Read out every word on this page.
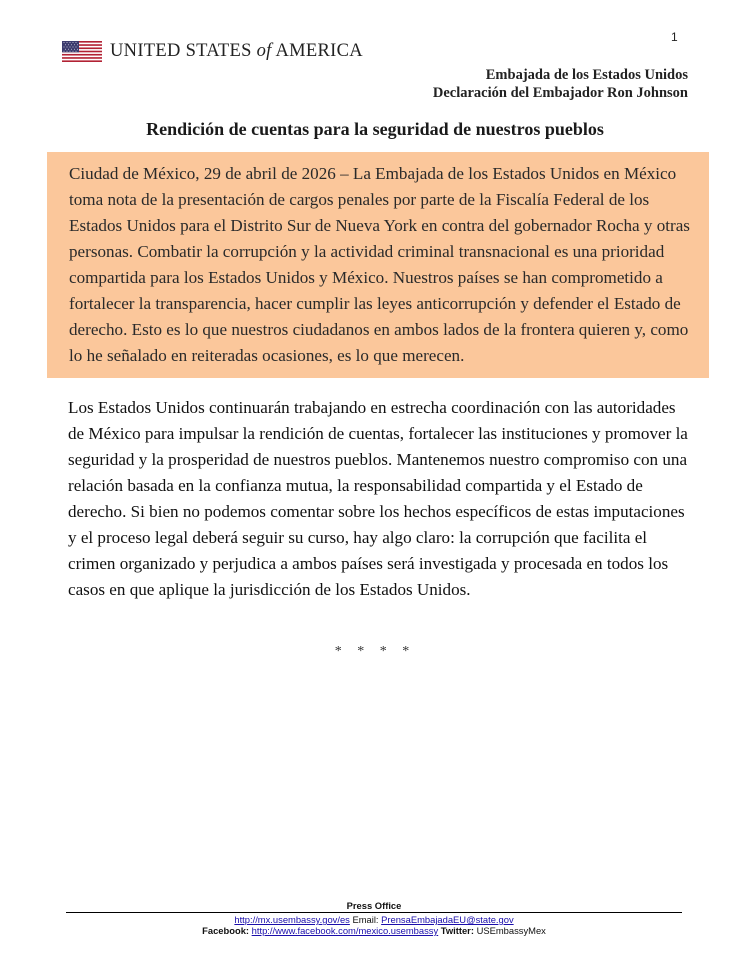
1
UNITED STATES of AMERICA
Embajada de los Estados Unidos
Declaración del Embajador Ron Johnson
Rendición de cuentas para la seguridad de nuestros pueblos

Ciudad de México, 29 de abril de 2026 – La Embajada de los Estados Unidos en México toma nota de la presentación de cargos penales por parte de la Fiscalía Federal de los Estados Unidos para el Distrito Sur de Nueva York en contra del gobernador Rocha y otras personas. Combatir la corrupción y la actividad criminal transnacional es una prioridad compartida para los Estados Unidos y México. Nuestros países se han comprometido a fortalecer la transparencia, hacer cumplir las leyes anticorrupción y defender el Estado de derecho. Esto es lo que nuestros ciudadanos en ambos lados de la frontera quieren y, como lo he señalado en reiteradas ocasiones, es lo que merecen.

Los Estados Unidos continuarán trabajando en estrecha coordinación con las autoridades de México para impulsar la rendición de cuentas, fortalecer las instituciones y promover la seguridad y la prosperidad de nuestros pueblos. Mantenemos nuestro compromiso con una relación basada en la confianza mutua, la responsabilidad compartida y el Estado de derecho. Si bien no podemos comentar sobre los hechos específicos de estas imputaciones y el proceso legal deberá seguir su curso, hay algo claro: la corrupción que facilita el crimen organizado y perjudica a ambos países será investigada y procesada en todos los casos en que aplique la jurisdicción de los Estados Unidos.

* * * *
Press Office
http://mx.usembassy.gov/es Email: PrensaEmbajadaEU@state.gov
Facebook: http://www.facebook.com/mexico.usembassy Twitter: USEmbassyMex
